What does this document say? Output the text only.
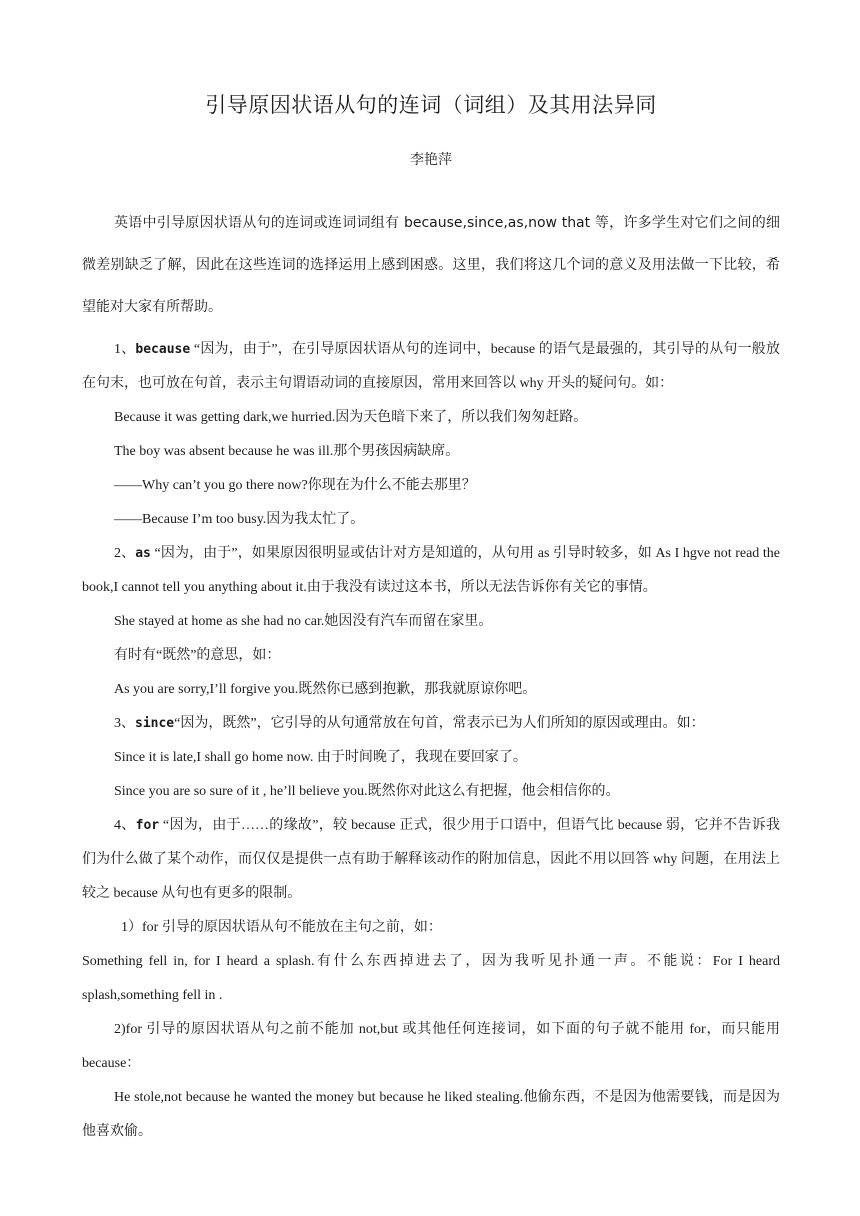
引导原因状语从句的连词（词组）及其用法异同
李艳萍

英语中引导原因状语从句的连词或连词词组有 because,since,as,now that 等，许多学生对它们之间的细微差别缺乏了解，因此在这些连词的选择运用上感到困惑。这里，我们将这几个词的意义及用法做一下比较，希望能对大家有所帮助。

1、because “因为，由于”，在引导原因状语从句的连词中，because 的语气是最强的，其引导的从句一般放在句末，也可放在句首，表示主句谓语动词的直接原因，常用来回答以 why 开头的疑问句。如：

Because it was getting dark,we hurried.因为天色暗下来了，所以我们匆匆赶路。

The boy was absent because he was ill.那个男孩因病缺席。

——Why can’t you go there now?你现在为什么不能去那里？

——Because I’m too busy.因为我太忙了。

2、as “因为，由于”，如果原因很明显或估计对方是知道的，从句用 as 引导时较多，如 As I hgve not read the book,I cannot tell you anything about it.由于我没有读过这本书，所以无法告诉你有关它的事情。

She stayed at home as she had no car.她因没有汽车而留在家里。

有时有“既然”的意思，如：

As you are sorry,I’ll forgive you.既然你已感到抱歉，那我就原谅你吧。

3、since“因为，既然”，它引导的从句通常放在句首，常表示已为人们所知的原因或理由。如：

Since it is late,I shall go home now. 由于时间晚了，我现在要回家了。

Since you are so sure of it , he’ll believe you.既然你对此这么有把握，他会相信你的。

4、for “因为，由于……的缘故”，较 because 正式，很少用于口语中，但语气比 because 弱，它并不告诉我们为什么做了某个动作，而仅仅是提供一点有助于解释该动作的附加信息，因此不用以回答 why 问题，在用法上较之 because 从句也有更多的限制。

1）for 引导的原因状语从句不能放在主句之前，如：

Something fell in, for I heard a splash.有什么东西掉进去了，因为我听见扑通一声。不能说：For I heard splash,something fell in .

2)for 引导的原因状语从句之前不能加 not,but 或其他任何连接词，如下面的句子就不能用 for，而只能用 because：

He stole,not because he wanted the money but because he liked stealing.他偷东西，不是因为他需要钱，而是因为他喜欢偷。
